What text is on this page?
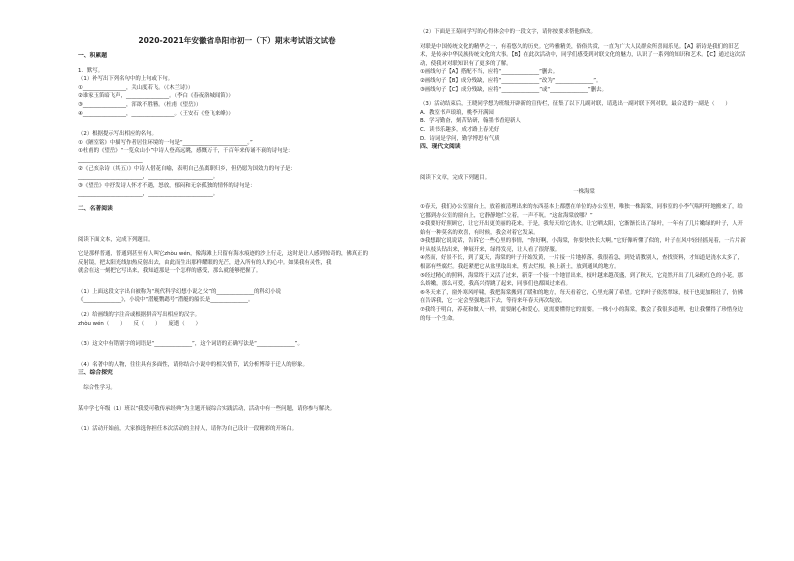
2020-2021年安徽省阜阳市初一（下）期末考试语文试卷
一、积累题
1．默写。
（1）补写出下列名句中的上句或下句。
①________________，关山度若飞。（《木兰诗》）
②谁家玉笛暗飞声，________________。（李白《春夜洛城闻笛》）
③________________，浑欲不胜簪。（杜甫《望岳》）
④________________，________________。（王安石《登飞来峰》）
（2）根据提示写出相应的名句。
①《陋室铭》中描写作者居住环境的一句是“________________________。”
①杜甫的《望岳》“一览众山小”中诗人登高远眺，感慨万千，千百年来传诵不衰的诗句是：
________________________
②《己亥杂诗（其五）》中诗人借花自喻，表明自己虽离职归乡，但仍愿为国效力的句子是：
________________________，________________________。
③《望岳》中抒发诗人怀才不遇，怒放，郁闷和无奈孤独的情怀的诗句是：
________________________，________________________。
二、名著阅读
阅读下面文本，完成下列题目。
它是那样普通，普通到甚至有人叫它zhòu wén，像海滩上只留有海水痕迹的沙上行走，这时是让人感到惊奇的，佛真正的
反射镜，把太阳光线加热反射出去，由此而生出那样耀眼的光芒，进入所有的人的心中。如果我有灵性，我
就会在这一刻把它写出来，我知道那是一个怎样的感受，那么就能够把握了。
（1）上面这段文字出自被称为“现代科学幻想小说之父”的______________的科幻小说
《______________》，小说中“潜艇鹦鹉号”潜艇的船长是______________。
（2）给画线的字注音或根据拼音写出相应的汉字。
zhòu wén（　　）　　反（　　）　　庞逝（　　）
（3）这文中有错别字的词语是“______________”，这个词语的正确写法是“______________”。
（4）名著中的人物，往往具有多面性，请你结合小说中的相关情节，试分析博蒂于迁人的形象。
三、综合探究
　综合性学习。
某中学七年级（1）班以“我爱可敬传承经典”为主题开展综合实践活动，活动中有一些问题，请你参与解决。
（1）活动开始前，大家推选你担任本次活动的主持人，请你为自己设计一段精彩的开场白。
（2）下面是王菊同学写的心得体会中的一段文字，请你按要求帮他修改。
对联是中国传统文化的精华之一，有着悠久的历史。它吟雅精美，俗俗共赏，一直为广大人民群众所喜闻乐见。【A】新诗是我们的旧艺术，是传承中华民族传统文化的大事。【B】在此次活动中，同学们感受到对联文化的魅力，认识了一系列的知识和艺术。【C】通过这次活动，使我对对联知识有了更多的了解。
①画线句子【A】搭配不当，应将“______________”删去。
②画线句子【B】成分残缺，应将“______________”改为“______________”。
③画线句子【C】成分残缺，应将“______________”或“______________”删去。
（3）活动结束后，王晓同学想为班级开辟新的宣传栏，征集了以下几副对联，请选出一副对联下列对联，最合适的一副是（　　）
A．教室书声琅琅，桃李开满园
B．学习勤奋，刻苦钻研，翰墨书香迎新人
C．读书乐趣多，成才路上春光好
D．诗词是学问，勤学博思有气质
四、现代文阅读
阅读下文章，完成下列题目。
一株海棠
①春天，我们办公室窗台上，放着被清理出来的东西基本上都摆在单位的办公室里，唯独一株海棠，同事室的小李气喘吁吁地搬来了，给它挪到办公室的窗台上，它静静地伫立着，一声不吭。“这盆海棠放哪？”
②我要好好照顾它，让它开出更美丽的花来。于是，我每天给它浇水，让它晒太阳，它渐渐长出了绿叶，一年有了几片嫩绿的叶子，人开始有一种莫名的欢喜，有时候，我会对着它发呆。
③我想跟它说说话，告诉它一些心里的事情，“你好啊，小海棠，你要快快长大啊。”它好像听懂了似的，叶子在风中轻轻摇晃着，一片片新叶从枝头钻出来，伸展开来，绿得发亮，让人看了很舒服。
④然而，好景不长，到了夏天，海棠的叶子开始发黄，一片接一片地掉落，我很着急，到处请教别人，查找资料，才知道是浇水太多了，根部有些腐烂。我赶紧把它从盆里取出来，剪去烂根，换上新土，放到通风的地方。
⑤经过精心的照料，海棠终于又活了过来，新芽一个接一个地冒出来，枝叶越来越茂盛，到了秋天，它竟然开出了几朵粉红色的小花，那么娇嫩，那么可爱，我高兴得跳了起来，同事们也都围过来看。
⑥冬天来了，窗外寒风呼啸，我把海棠搬到了暖和的地方，每天看着它，心里充满了希望。它的叶子依然翠绿，枝干也更加粗壮了，仿佛在告诉我，它一定会坚强地活下去，等待来年春天再次绽放。
⑦我终于明白，养花和做人一样，需要耐心和爱心，更需要懂得它的需要。一株小小的海棠，教会了我很多道理，也让我懂得了珍惜身边的每一个生命。
